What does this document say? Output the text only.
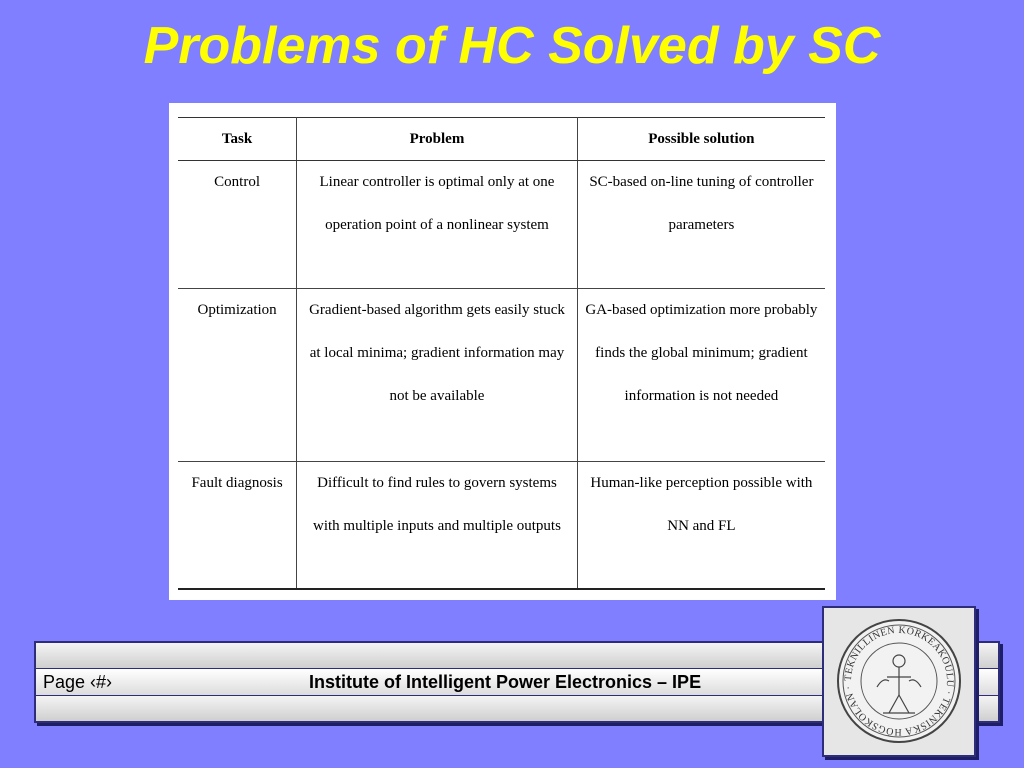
Problems of HC Solved by SC
Task	Problem	Possible solution
Control	Linear controller is optimal only at one operation point of a nonlinear system	SC-based on-line tuning of controller parameters
Optimization	Gradient-based algorithm gets easily stuck at local minima; gradient information may not be available	GA-based optimization more probably finds the global minimum; gradient information is not needed
Fault diagnosis	Difficult to find rules to govern systems with multiple inputs and multiple outputs	Human-like perception possible with NN and FL
Page ‹#›	Institute of Intelligent Power Electronics – IPE	TEKNILLINEN KORKEAKOULU · TEKNISKA HÖGSKOLAN ·
